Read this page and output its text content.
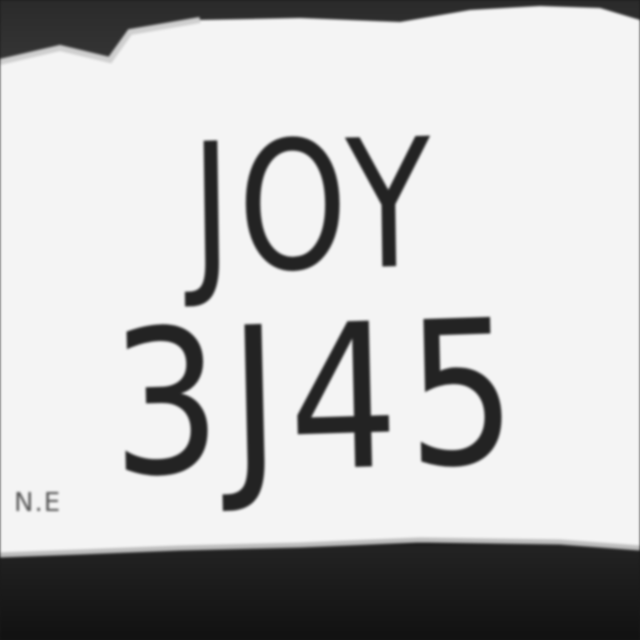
JOY
3J45
N.E
